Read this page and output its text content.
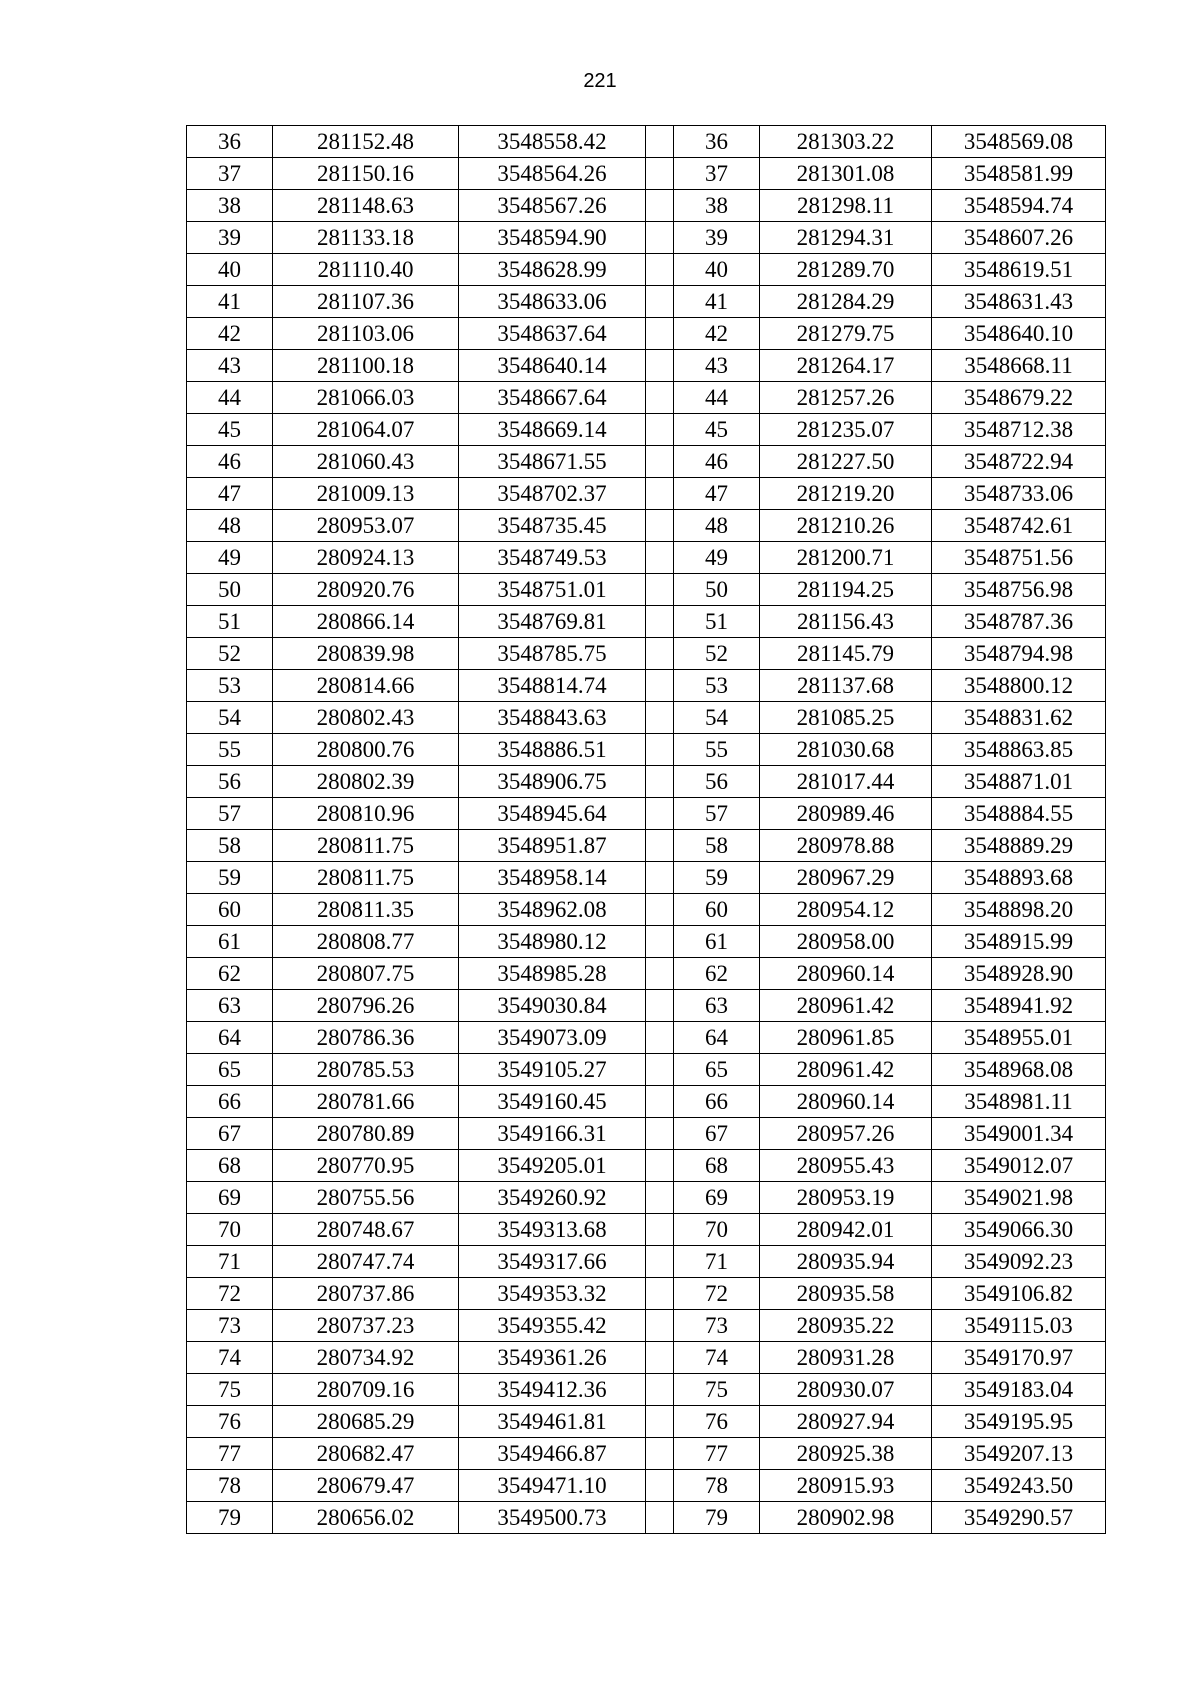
221
36	281152.48	3548558.42		36	281303.22	3548569.08
37	281150.16	3548564.26		37	281301.08	3548581.99
38	281148.63	3548567.26		38	281298.11	3548594.74
39	281133.18	3548594.90		39	281294.31	3548607.26
40	281110.40	3548628.99		40	281289.70	3548619.51
41	281107.36	3548633.06		41	281284.29	3548631.43
42	281103.06	3548637.64		42	281279.75	3548640.10
43	281100.18	3548640.14		43	281264.17	3548668.11
44	281066.03	3548667.64		44	281257.26	3548679.22
45	281064.07	3548669.14		45	281235.07	3548712.38
46	281060.43	3548671.55		46	281227.50	3548722.94
47	281009.13	3548702.37		47	281219.20	3548733.06
48	280953.07	3548735.45		48	281210.26	3548742.61
49	280924.13	3548749.53		49	281200.71	3548751.56
50	280920.76	3548751.01		50	281194.25	3548756.98
51	280866.14	3548769.81		51	281156.43	3548787.36
52	280839.98	3548785.75		52	281145.79	3548794.98
53	280814.66	3548814.74		53	281137.68	3548800.12
54	280802.43	3548843.63		54	281085.25	3548831.62
55	280800.76	3548886.51		55	281030.68	3548863.85
56	280802.39	3548906.75		56	281017.44	3548871.01
57	280810.96	3548945.64		57	280989.46	3548884.55
58	280811.75	3548951.87		58	280978.88	3548889.29
59	280811.75	3548958.14		59	280967.29	3548893.68
60	280811.35	3548962.08		60	280954.12	3548898.20
61	280808.77	3548980.12		61	280958.00	3548915.99
62	280807.75	3548985.28		62	280960.14	3548928.90
63	280796.26	3549030.84		63	280961.42	3548941.92
64	280786.36	3549073.09		64	280961.85	3548955.01
65	280785.53	3549105.27		65	280961.42	3548968.08
66	280781.66	3549160.45		66	280960.14	3548981.11
67	280780.89	3549166.31		67	280957.26	3549001.34
68	280770.95	3549205.01		68	280955.43	3549012.07
69	280755.56	3549260.92		69	280953.19	3549021.98
70	280748.67	3549313.68		70	280942.01	3549066.30
71	280747.74	3549317.66		71	280935.94	3549092.23
72	280737.86	3549353.32		72	280935.58	3549106.82
73	280737.23	3549355.42		73	280935.22	3549115.03
74	280734.92	3549361.26		74	280931.28	3549170.97
75	280709.16	3549412.36		75	280930.07	3549183.04
76	280685.29	3549461.81		76	280927.94	3549195.95
77	280682.47	3549466.87		77	280925.38	3549207.13
78	280679.47	3549471.10		78	280915.93	3549243.50
79	280656.02	3549500.73		79	280902.98	3549290.57
